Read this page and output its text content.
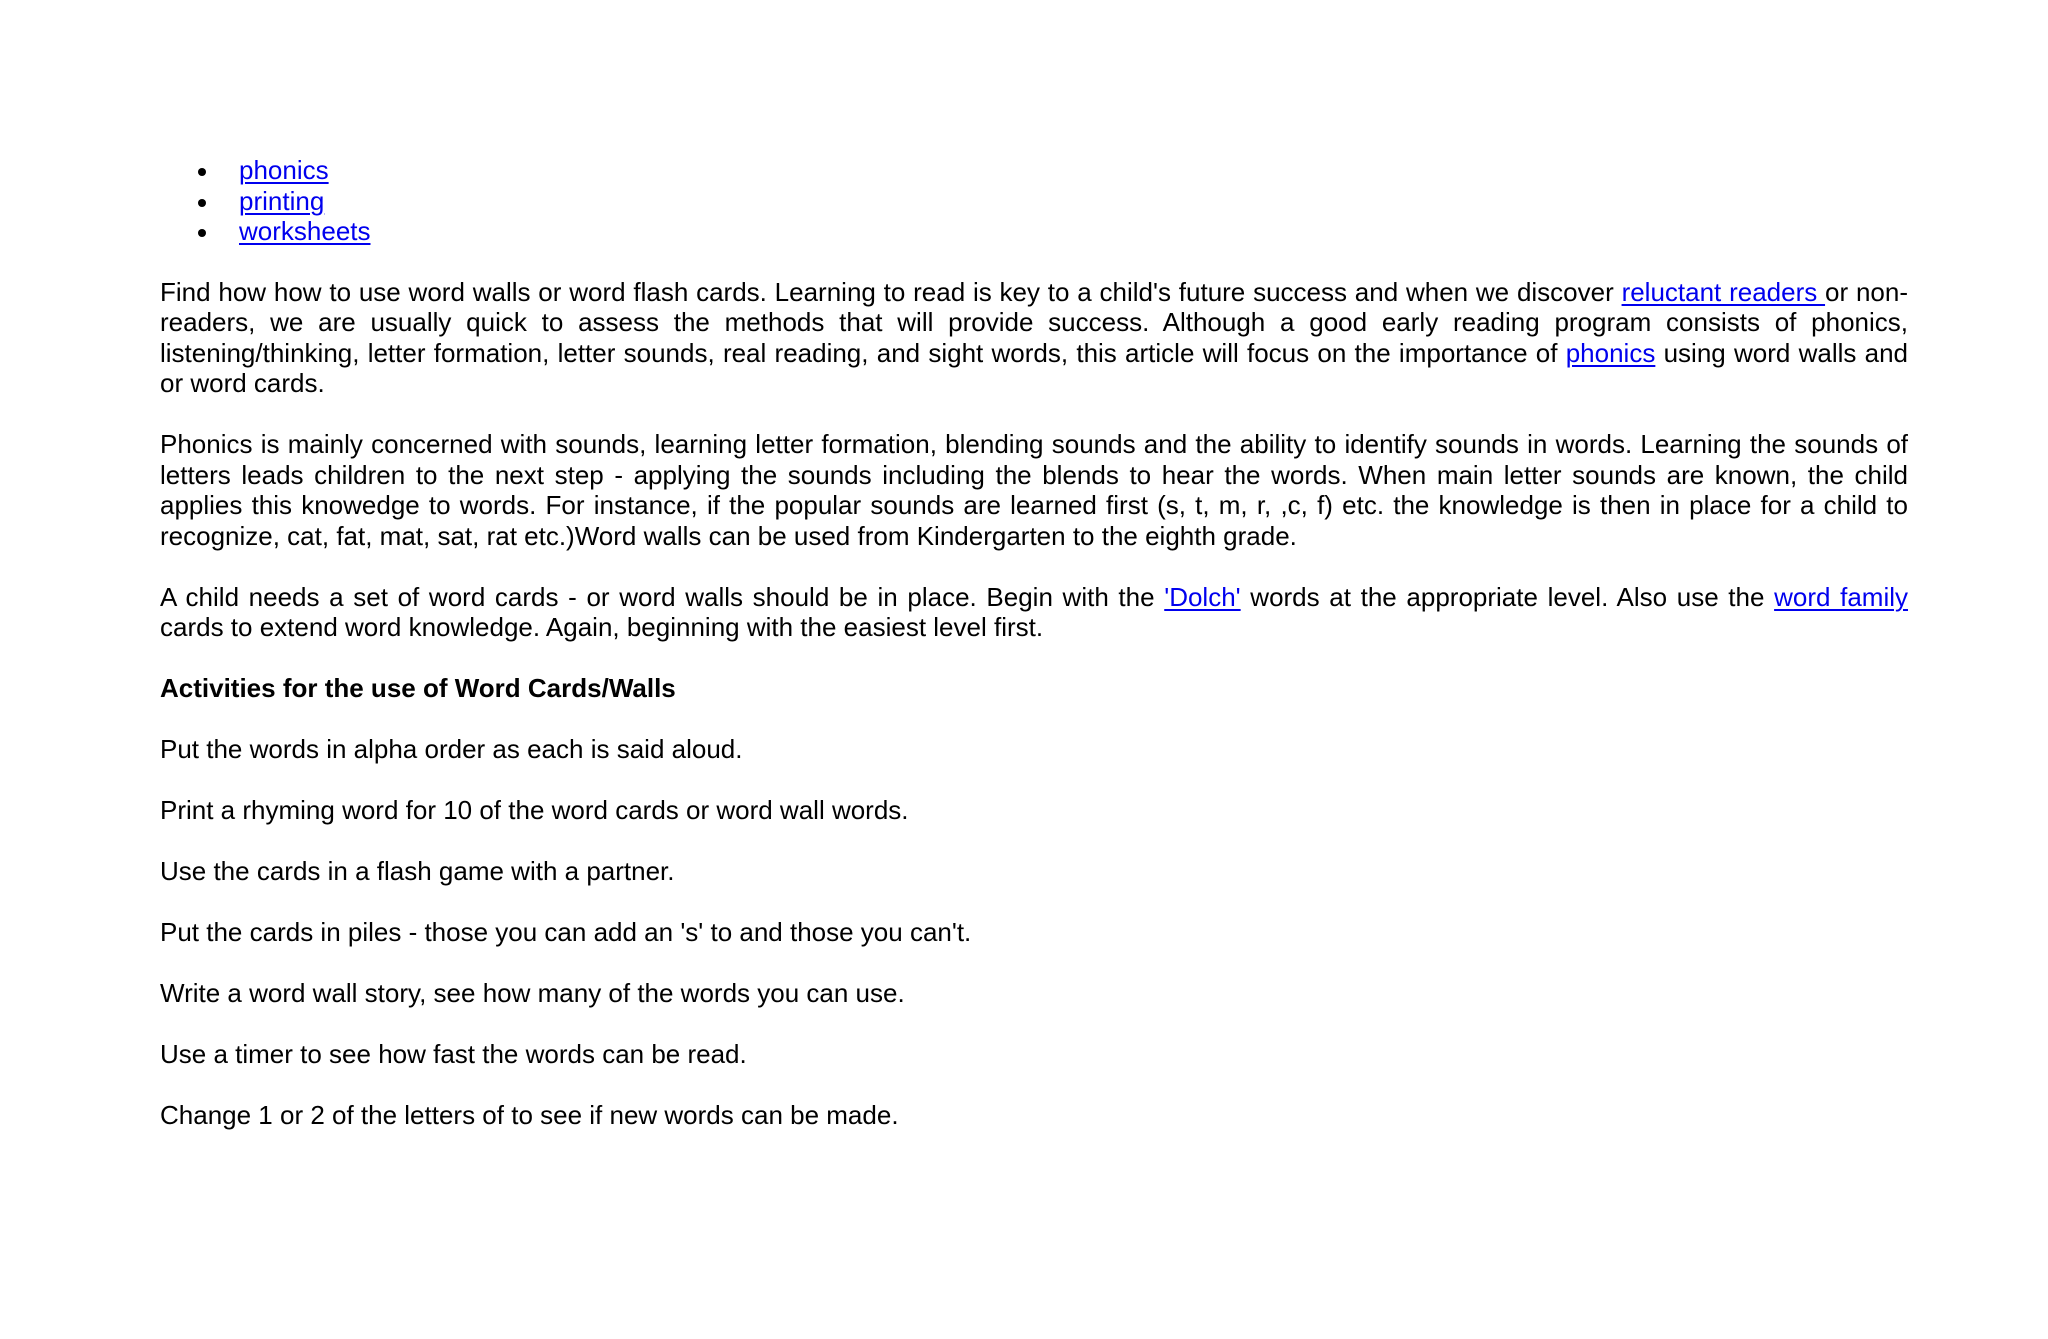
phonics
printing
worksheets

Find how how to use word walls or word flash cards. Learning to read is key to a child's future success and when we discover reluctant readers or non-readers, we are usually quick to assess the methods that will provide success. Although a good early reading program consists of phonics, listening/thinking, letter formation, letter sounds, real reading, and sight words, this article will focus on the importance of phonics using word walls and or word cards.

Phonics is mainly concerned with sounds, learning letter formation, blending sounds and the ability to identify sounds in words. Learning the sounds of letters leads children to the next step - applying the sounds including the blends to hear the words. When main letter sounds are known, the child applies this knowedge to words. For instance, if the popular sounds are learned first (s, t, m, r, ,c, f) etc. the knowledge is then in place for a child to recognize, cat, fat, mat, sat, rat etc.)Word walls can be used from Kindergarten to the eighth grade.

A child needs a set of word cards - or word walls should be in place. Begin with the 'Dolch' words at the appropriate level. Also use the word family cards to extend word knowledge. Again, beginning with the easiest level first.

Activities for the use of Word Cards/Walls

Put the words in alpha order as each is said aloud.

Print a rhyming word for 10 of the word cards or word wall words.

Use the cards in a flash game with a partner.

Put the cards in piles - those you can add an 's' to and those you can't.

Write a word wall story, see how many of the words you can use.

Use a timer to see how fast the words can be read.

Change 1 or 2 of the letters of to see if new words can be made.
